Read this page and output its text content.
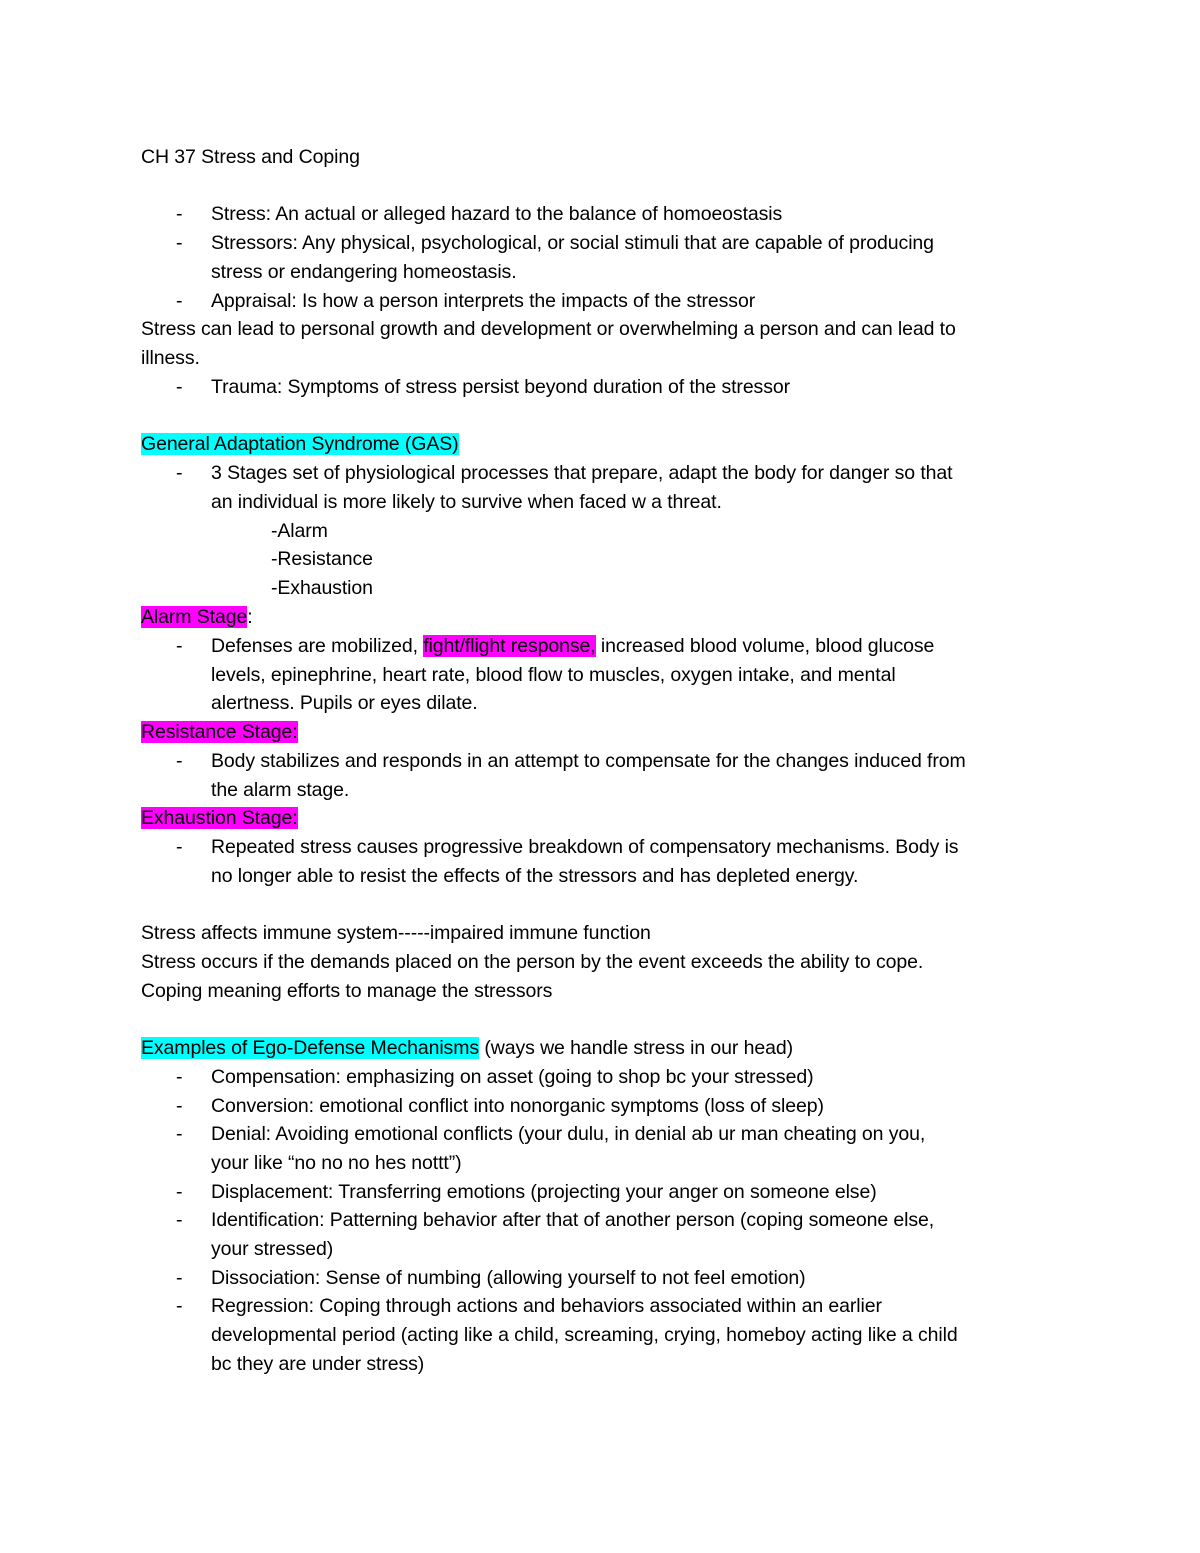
CH 37 Stress and Coping
- Stress: An actual or alleged hazard to the balance of homoeostasis
- Stressors: Any physical, psychological, or social stimuli that are capable of producing
stress or endangering homeostasis.
- Appraisal: Is how a person interprets the impacts of the stressor
Stress can lead to personal growth and development or overwhelming a person and can lead to
illness.
- Trauma: Symptoms of stress persist beyond duration of the stressor
General Adaptation Syndrome (GAS)
- 3 Stages set of physiological processes that prepare, adapt the body for danger so that
an individual is more likely to survive when faced w a threat.
-Alarm
-Resistance
-Exhaustion
Alarm Stage:
- Defenses are mobilized, fight/flight response, increased blood volume, blood glucose
levels, epinephrine, heart rate, blood flow to muscles, oxygen intake, and mental
alertness. Pupils or eyes dilate.
Resistance Stage:
- Body stabilizes and responds in an attempt to compensate for the changes induced from
the alarm stage.
Exhaustion Stage:
- Repeated stress causes progressive breakdown of compensatory mechanisms. Body is
no longer able to resist the effects of the stressors and has depleted energy.
Stress affects immune system-----impaired immune function
Stress occurs if the demands placed on the person by the event exceeds the ability to cope.
Coping meaning efforts to manage the stressors
Examples of Ego-Defense Mechanisms (ways we handle stress in our head)
- Compensation: emphasizing on asset (going to shop bc your stressed)
- Conversion: emotional conflict into nonorganic symptoms (loss of sleep)
- Denial: Avoiding emotional conflicts (your dulu, in denial ab ur man cheating on you,
your like “no no no hes nottt”)
- Displacement: Transferring emotions (projecting your anger on someone else)
- Identification: Patterning behavior after that of another person (coping someone else,
your stressed)
- Dissociation: Sense of numbing (allowing yourself to not feel emotion)
- Regression: Coping through actions and behaviors associated within an earlier
developmental period (acting like a child, screaming, crying, homeboy acting like a child
bc they are under stress)
